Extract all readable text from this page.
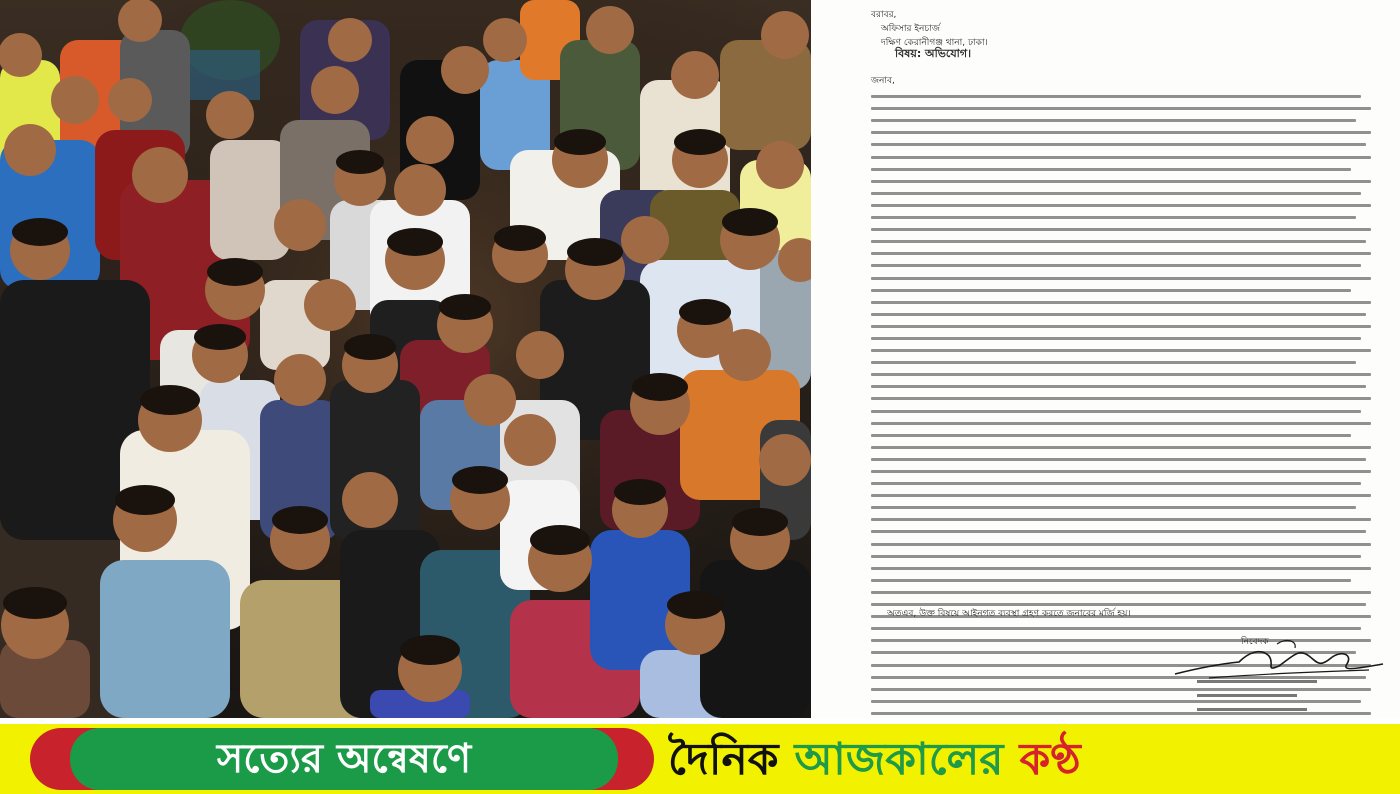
বরাবর,
অফিসার ইনচার্জ
দক্ষিণ কেরানীগঞ্জ থানা, ঢাকা।
বিষয়: অভিযোগ।
জনাব,
অতএব, উক্ত বিষয়ে আইনগত ব্যবস্থা গ্রহণ করতে জনাবের মর্জি হয়।
নিবেদক
সত্যের অন্বেষণে	দৈনিক আজকালের কণ্ঠ
